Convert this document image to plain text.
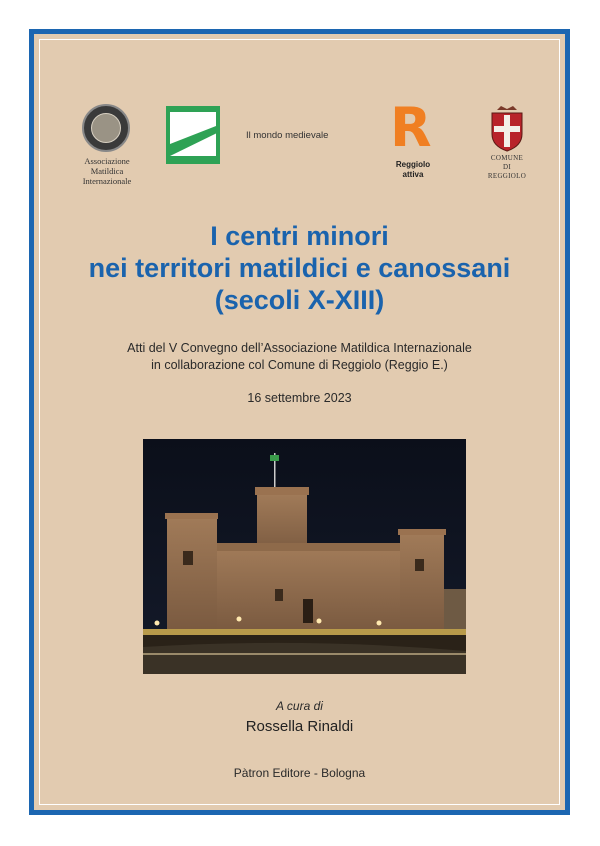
Associazione
Matildica
Internazionale
Il mondo medievale R
Reggiolo
attiva
COMUNE
DI
REGGIOLO
I centri minori
nei territori matildici e canossani
(secoli X-XIII)
Atti del V Convegno dell’Associazione Matildica Internazionale
in collaborazione col Comune di Reggiolo (Reggio E.)
16 settembre 2023
A cura di
Rossella Rinaldi
Pàtron Editore - Bologna
